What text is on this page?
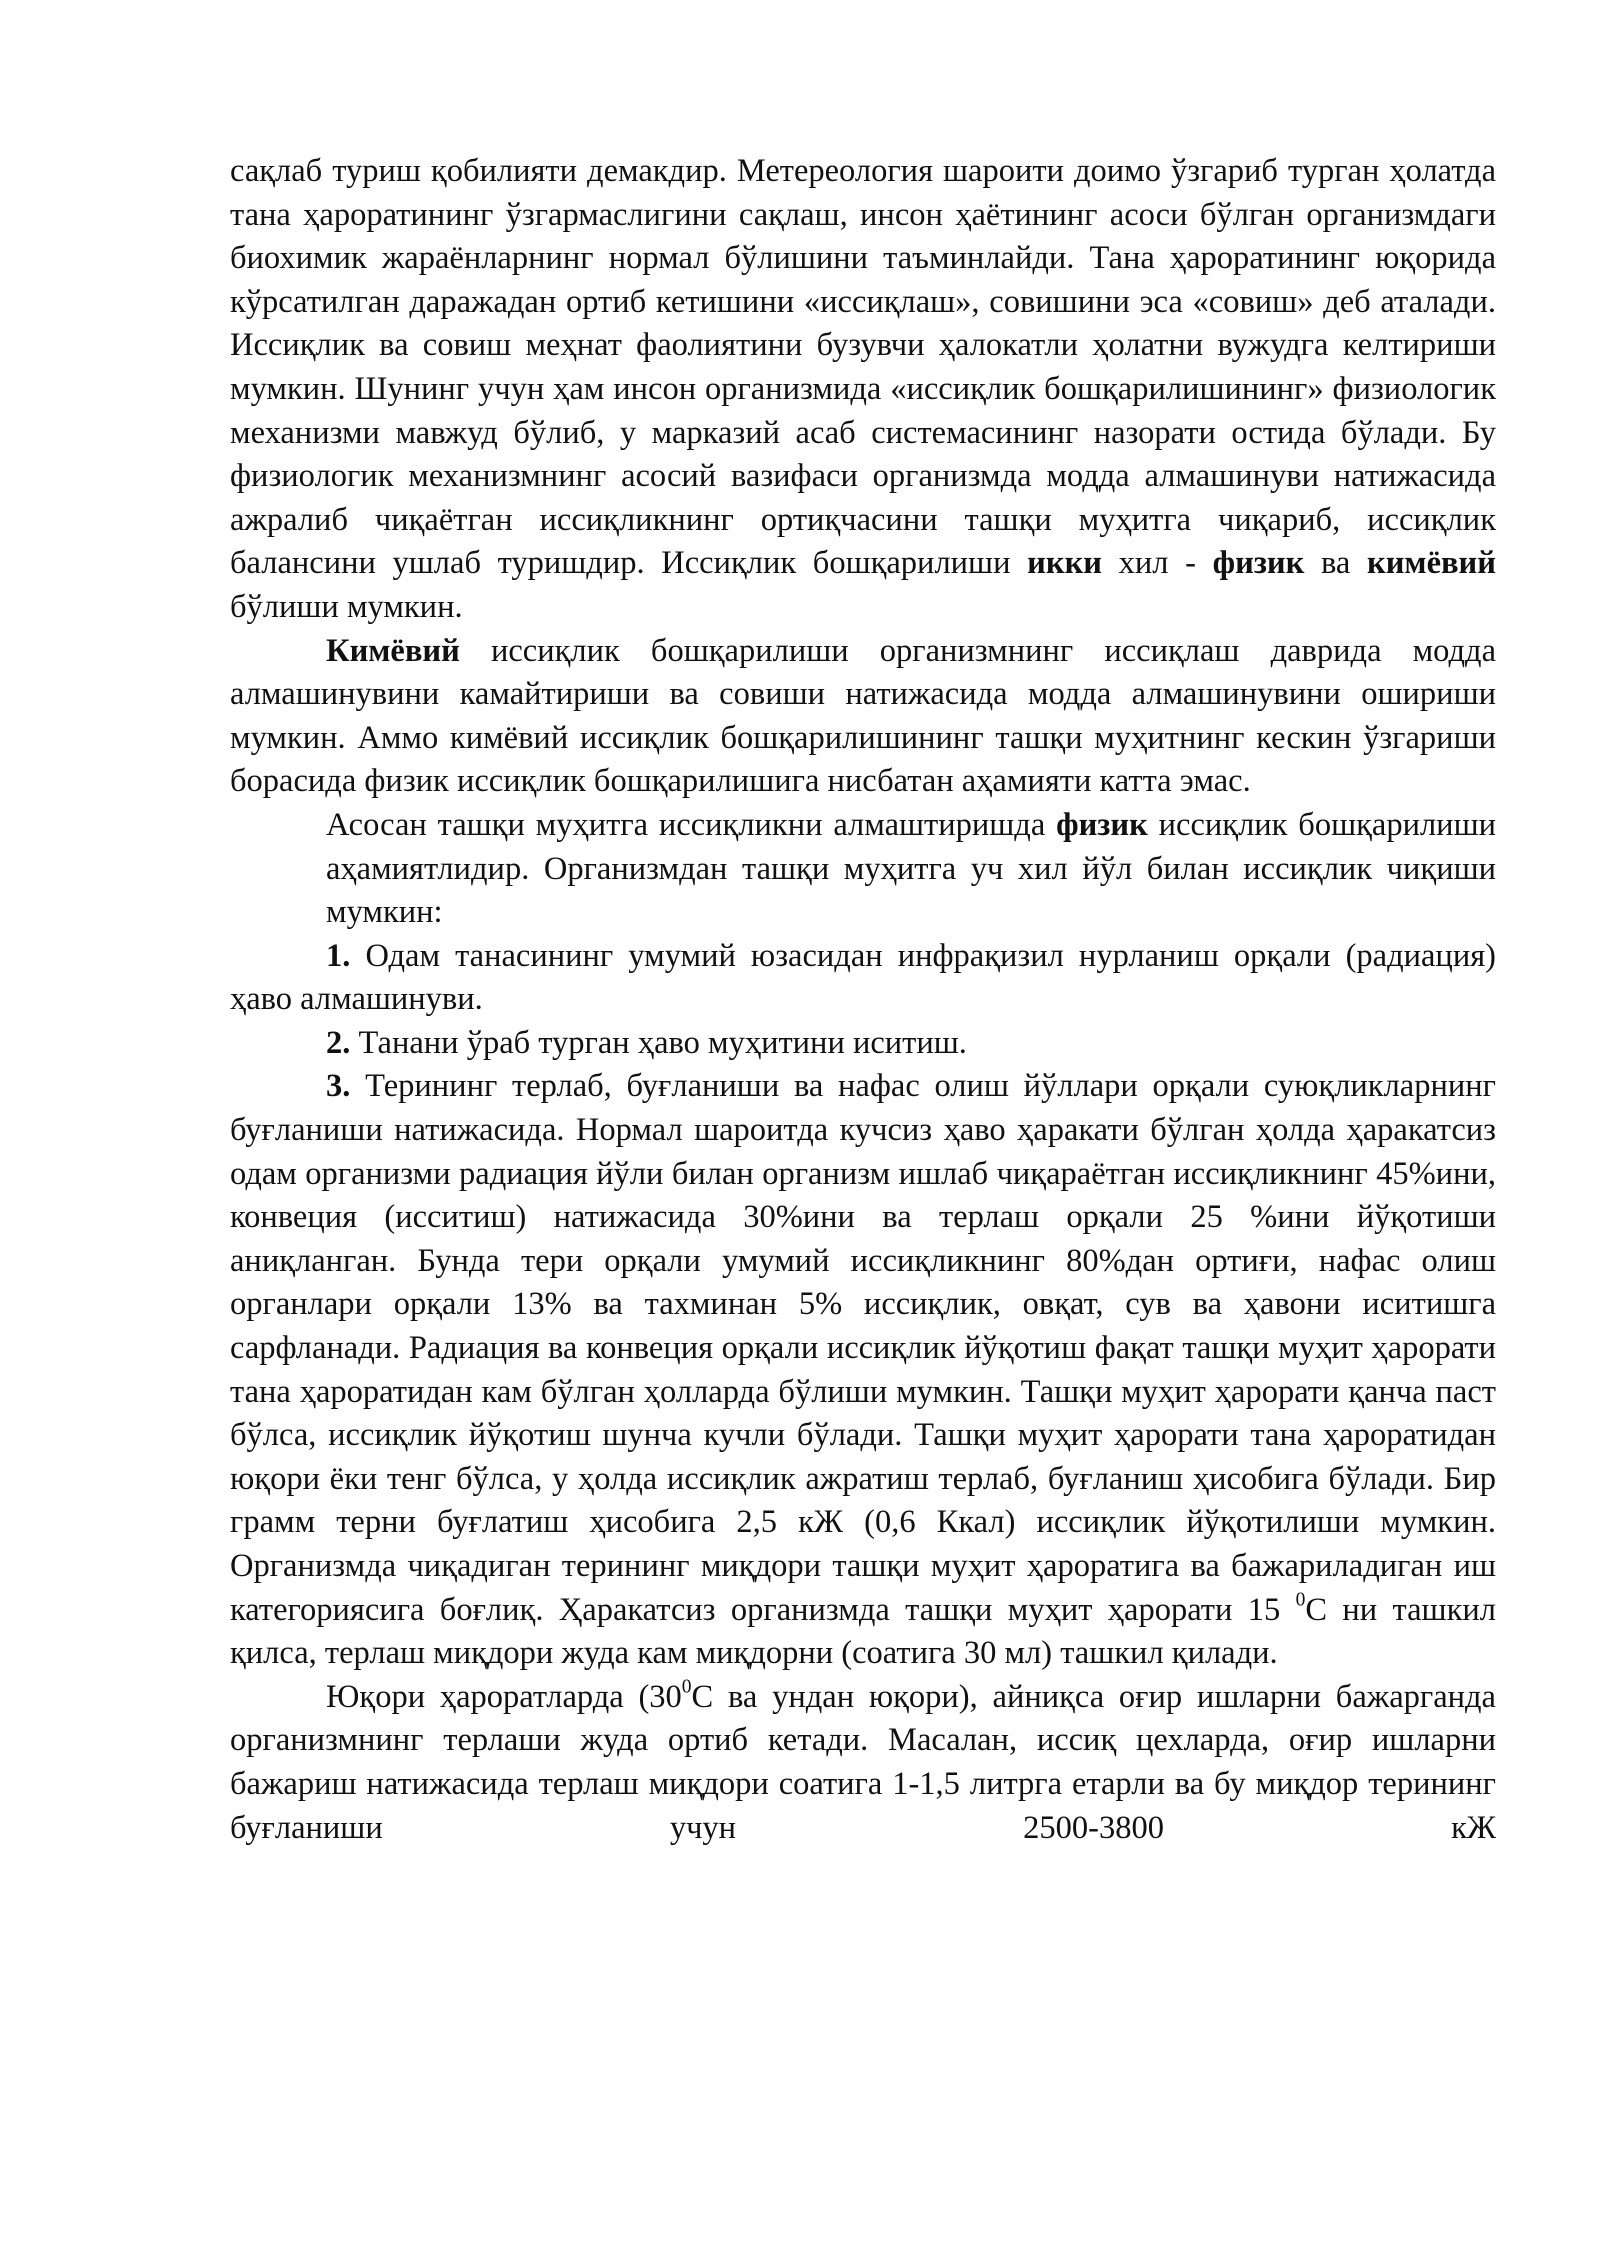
сақлаб туриш қобилияти демакдир. Метереология шароити доимо ўзгариб турган ҳолатда тана ҳароратининг ўзгармаслигини сақлаш, инсон ҳаётининг асоси бўлган организмдаги биохимик жараёнларнинг нормал бўлишини таъминлайди. Тана ҳароратининг юқорида кўрсатилган даражадан ортиб кетишини «иссиқлаш», совишини эса «совиш» деб аталади. Иссиқлик ва совиш меҳнат фаолиятини бузувчи ҳалокатли ҳолатни вужудга келтириши мумкин. Шунинг учун ҳам инсон организмида «иссиқлик бошқарилишининг» физиологик механизми мавжуд бўлиб, у марказий асаб системасининг назорати остида бўлади. Бу физиологик механизмнинг асосий вазифаси организмда модда алмашинуви натижасида ажралиб чиқаётган иссиқликнинг ортиқчасини ташқи муҳитга чиқариб, иссиқлик балансини ушлаб туришдир. Иссиқлик бошқарилиши икки хил - физик ва кимёвий бўлиши мумкин.

Кимёвий иссиқлик бошқарилиши организмнинг иссиқлаш даврида модда алмашинувини камайтириши ва совиши натижасида модда алмашинувини ошириши мумкин. Аммо кимёвий иссиқлик бошқарилишининг ташқи муҳитнинг кескин ўзгариши борасида физик иссиқлик бошқарилишига нисбатан аҳамияти катта эмас.

Асосан ташқи муҳитга иссиқликни алмаштиришда физик иссиқлик бошқарилиши аҳамиятлидир. Организмдан ташқи муҳитга уч хил йўл билан иссиқлик чиқиши мумкин:

1. Одам танасининг умумий юзасидан инфрақизил нурланиш орқали (радиация) ҳаво алмашинуви.

2. Танани ўраб турган ҳаво муҳитини иситиш.

3. Терининг терлаб, буғланиши ва нафас олиш йўллари орқали суюқликларнинг буғланиши натижасида. Нормал шароитда кучсиз ҳаво ҳаракати бўлган ҳолда ҳаракатсиз одам организми радиация йўли билан организм ишлаб чиқараётган иссиқликнинг 45%ини, конвеция (исситиш) натижасида 30%ини ва терлаш орқали 25 %ини йўқотиши аниқланган. Бунда тери орқали умумий иссиқликнинг 80%дан ортиғи, нафас олиш органлари орқали 13% ва тахминан 5% иссиқлик, овқат, сув ва ҳавони иситишга сарфланади. Радиация ва конвеция орқали иссиқлик йўқотиш фақат ташқи муҳит ҳарорати тана ҳароратидан кам бўлган ҳолларда бўлиши мумкин. Ташқи муҳит ҳарорати қанча паст бўлса, иссиқлик йўқотиш шунча кучли бўлади. Ташқи муҳит ҳарорати тана ҳароратидан юқори ёки тенг бўлса, у ҳолда иссиқлик ажратиш терлаб, буғланиш ҳисобига бўлади. Бир грамм терни буғлатиш ҳисобига 2,5 кЖ (0,6 Ккал) иссиқлик йўқотилиши мумкин. Организмда чиқадиган терининг миқдори ташқи муҳит ҳароратига ва бажариладиган иш категориясига боғлиқ. Ҳаракатсиз организмда ташқи муҳит ҳарорати 15 $^0$С ни ташкил қилса, терлаш миқдори жуда кам миқдорни (соатига 30 мл) ташкил қилади.

Юқори ҳароратларда ($30^0С$ ва ундан юқори), айниқса оғир ишларни бажарганда организмнинг терлаши жуда ортиб кетади. Масалан, иссиқ цехларда, оғир ишларни бажариш натижасида терлаш миқдори соатига 1-1,5 литрга етарли ва бу миқдор терининг буғланиши учун 2500-3800 кЖ
